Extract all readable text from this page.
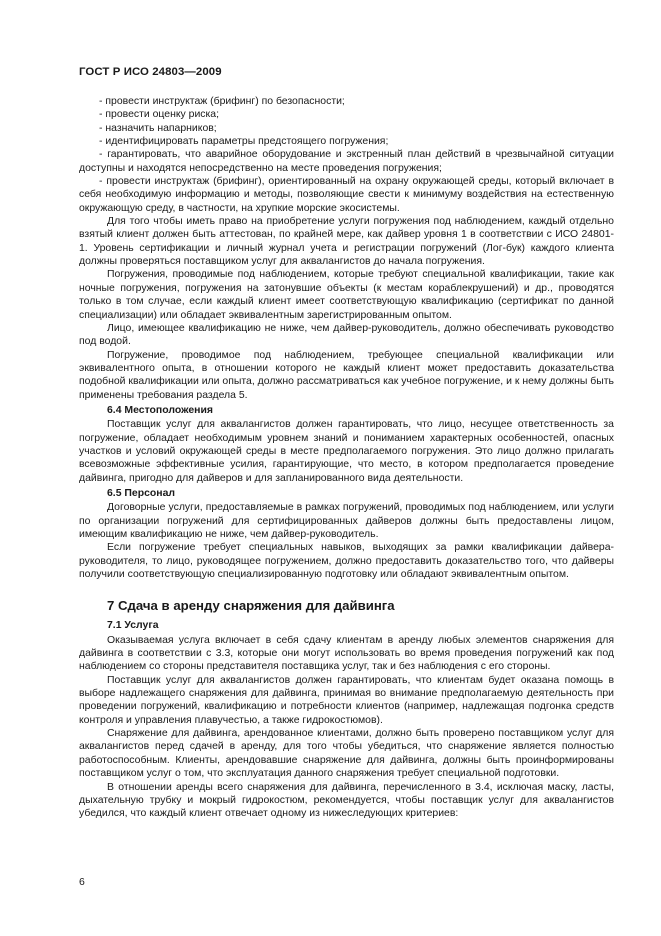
ГОСТ Р ИСО 24803—2009

- провести инструктаж (брифинг) по безопасности;

- провести оценку риска;

- назначить напарников;

- идентифицировать параметры предстоящего погружения;

- гарантировать, что аварийное оборудование и экстренный план действий в чрезвычайной ситуации доступны и находятся непосредственно на месте проведения погружения;

- провести инструктаж (брифинг), ориентированный на охрану окружающей среды, который включает в себя необходимую информацию и методы, позволяющие свести к минимуму воздействия на естественную окружающую среду, в частности, на хрупкие морские экосистемы.

Для того чтобы иметь право на приобретение услуги погружения под наблюдением, каждый отдельно взятый клиент должен быть аттестован, по крайней мере, как дайвер уровня 1 в соответствии с ИСО 24801-1. Уровень сертификации и личный журнал учета и регистрации погружений (Лог-бук) каждого клиента должны проверяться поставщиком услуг для аквалангистов до начала погружения.

Погружения, проводимые под наблюдением, которые требуют специальной квалификации, такие как ночные погружения, погружения на затонувшие объекты (к местам кораблекрушений) и др., проводятся только в том случае, если каждый клиент имеет соответствующую квалификацию (сертификат по данной специализации) или обладает эквивалентным зарегистрированным опытом.

Лицо, имеющее квалификацию не ниже, чем дайвер-руководитель, должно обеспечивать руководство под водой.

Погружение, проводимое под наблюдением, требующее специальной квалификации или эквивалентного опыта, в отношении которого не каждый клиент может предоставить доказательства подобной квалификации или опыта, должно рассматриваться как учебное погружение, и к нему должны быть применены требования раздела 5.

6.4 Местоположения

Поставщик услуг для аквалангистов должен гарантировать, что лицо, несущее ответственность за погружение, обладает необходимым уровнем знаний и пониманием характерных особенностей, опасных участков и условий окружающей среды в месте предполагаемого погружения. Это лицо должно прилагать всевозможные эффективные усилия, гарантирующие, что место, в котором предполагается проведение дайвинга, пригодно для дайверов и для запланированного вида деятельности.

6.5 Персонал

Договорные услуги, предоставляемые в рамках погружений, проводимых под наблюдением, или услуги по организации погружений для сертифицированных дайверов должны быть предоставлены лицом, имеющим квалификацию не ниже, чем дайвер-руководитель.

Если погружение требует специальных навыков, выходящих за рамки квалификации дайвера-руководителя, то лицо, руководящее погружением, должно предоставить доказательство того, что дайверы получили соответствующую специализированную подготовку или обладают эквивалентным опытом.

7 Сдача в аренду снаряжения для дайвинга
7.1 Услуга

Оказываемая услуга включает в себя сдачу клиентам в аренду любых элементов снаряжения для дайвинга в соответствии с 3.3, которые они могут использовать во время проведения погружений как под наблюдением со стороны представителя поставщика услуг, так и без наблюдения с его стороны.

Поставщик услуг для аквалангистов должен гарантировать, что клиентам будет оказана помощь в выборе надлежащего снаряжения для дайвинга, принимая во внимание предполагаемую деятельность при проведении погружений, квалификацию и потребности клиентов (например, надлежащая подгонка средств контроля и управления плавучестью, а также гидрокостюмов).

Снаряжение для дайвинга, арендованное клиентами, должно быть проверено поставщиком услуг для аквалангистов перед сдачей в аренду, для того чтобы убедиться, что снаряжение является полностью работоспособным. Клиенты, арендовавшие снаряжение для дайвинга, должны быть проинформированы поставщиком услуг о том, что эксплуатация данного снаряжения требует специальной подготовки.

В отношении аренды всего снаряжения для дайвинга, перечисленного в 3.4, исключая маску, ласты, дыхательную трубку и мокрый гидрокостюм, рекомендуется, чтобы поставщик услуг для аквалангистов убедился, что каждый клиент отвечает одному из нижеследующих критериев:

6
